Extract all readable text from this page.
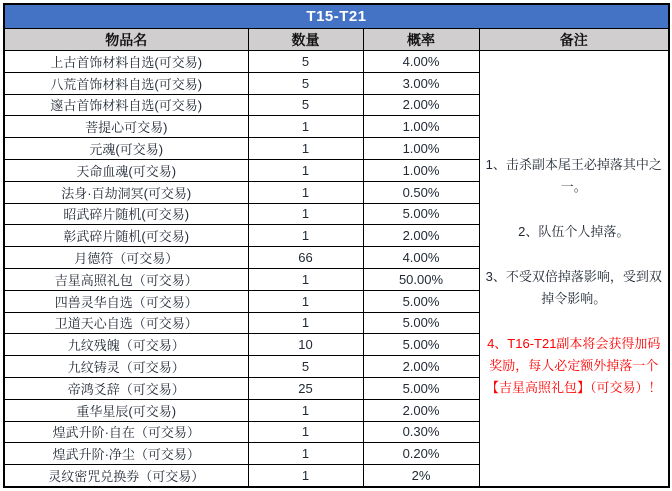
T15-T21			
物品名	数量	概率	备注
上古首饰材料自选(可交易)	5	4.00%	1、击杀副本尾王必掉落其中之一。

2、队伍个人掉落。

3、不受双倍掉落影响，受到双掉令影响。

4、T16-T21副本将会获得加码奖励，每人必定额外掉落一个【吉星高照礼包】（可交易）！

八荒首饰材料自选(可交易)	5	3.00%	
邃古首饰材料自选(可交易)	5	2.00%	
菩提心可交易)	1	1.00%	
元魂(可交易)	1	1.00%	
天命血魂(可交易)	1	1.00%	
法身·百劫洞冥(可交易)	1	0.50%	
昭武碎片随机(可交易)	1	5.00%	
彰武碎片随机(可交易)	1	2.00%	
月德符（可交易）	66	4.00%	
吉星高照礼包（可交易）	1	50.00%	
四兽灵华自选（可交易）	1	5.00%	
卫道天心自选（可交易）	1	5.00%	
九纹残魄（可交易）	10	5.00%	
九纹铸灵（可交易）	5	2.00%	
帝鸿爻辞（可交易）	25	5.00%	
重华星辰(可交易)	1	2.00%	
煌武升阶·自在（可交易）	1	0.30%	
煌武升阶·净尘（可交易）	1	0.20%	
灵纹密咒兑换券（可交易）	1	2%	
